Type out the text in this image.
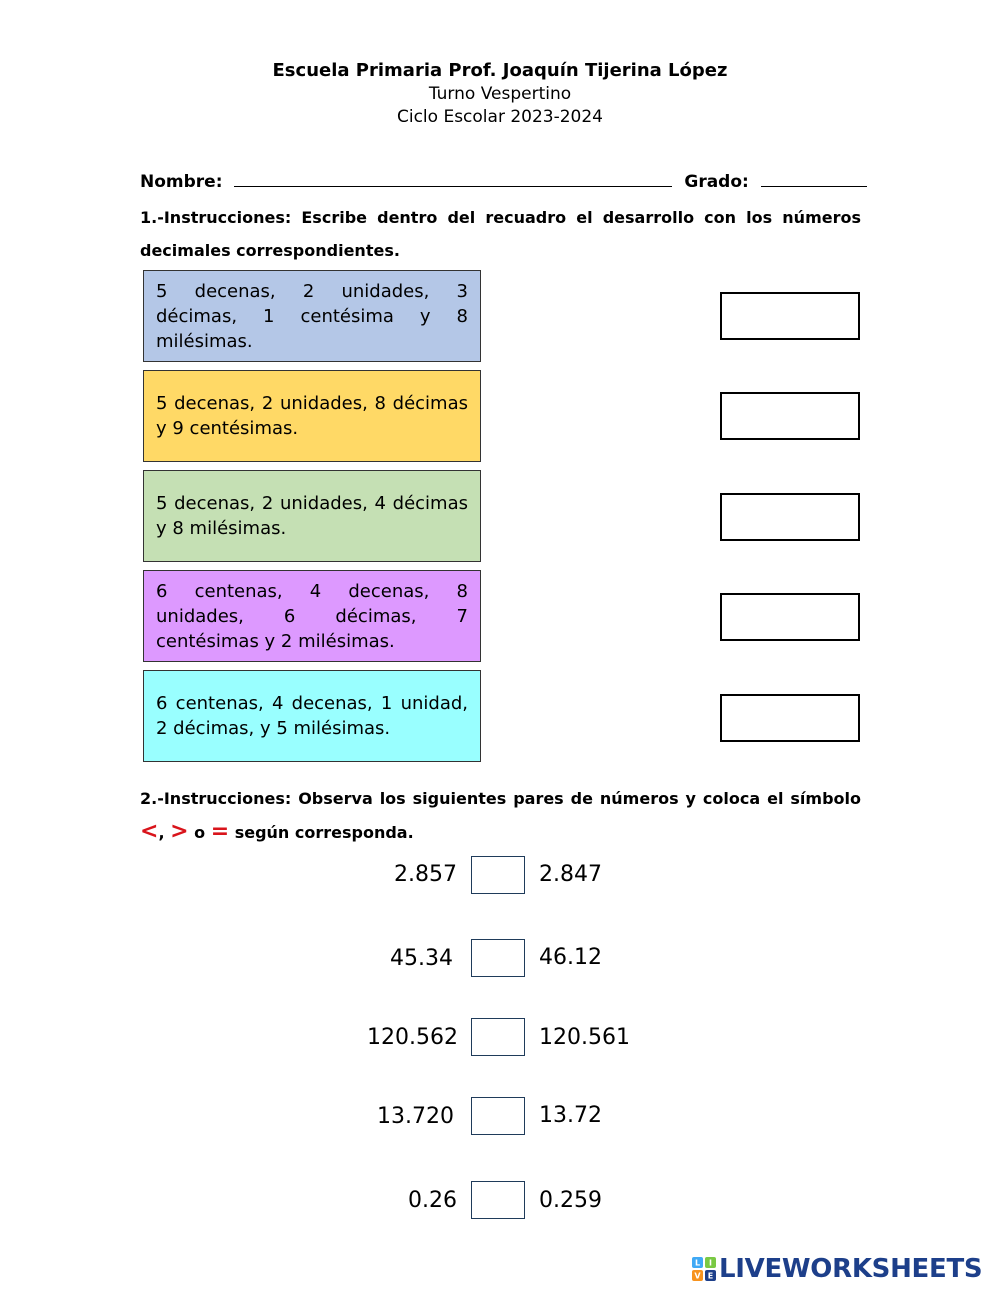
Escuela Primaria Prof. Joaquín Tijerina López
Turno Vespertino
Ciclo Escolar 2023-2024
Nombre:	Grado:
1.-Instrucciones: Escribe dentro del recuadro el desarrollo con los números decimales correspondientes.
5 decenas, 2 unidades, 3 décimas, 1 centésima y 8 milésimas.
5 decenas, 2 unidades, 8 décimas y 9 centésimas.
5 decenas, 2 unidades, 4 décimas y 8 milésimas.
6 centenas, 4 decenas, 8 unidades, 6 décimas, 7 centésimas y 2 milésimas.
6 centenas, 4 decenas, 1 unidad, 2 décimas, y 5 milésimas.
2.-Instrucciones: Observa los siguientes pares de números y coloca el símbolo <, > o = según corresponda.
2.857	2.847
45.34	46.12
120.562	120.561
13.720	13.72
0.26	0.259
L I
V E LIVEWORKSHEETS
